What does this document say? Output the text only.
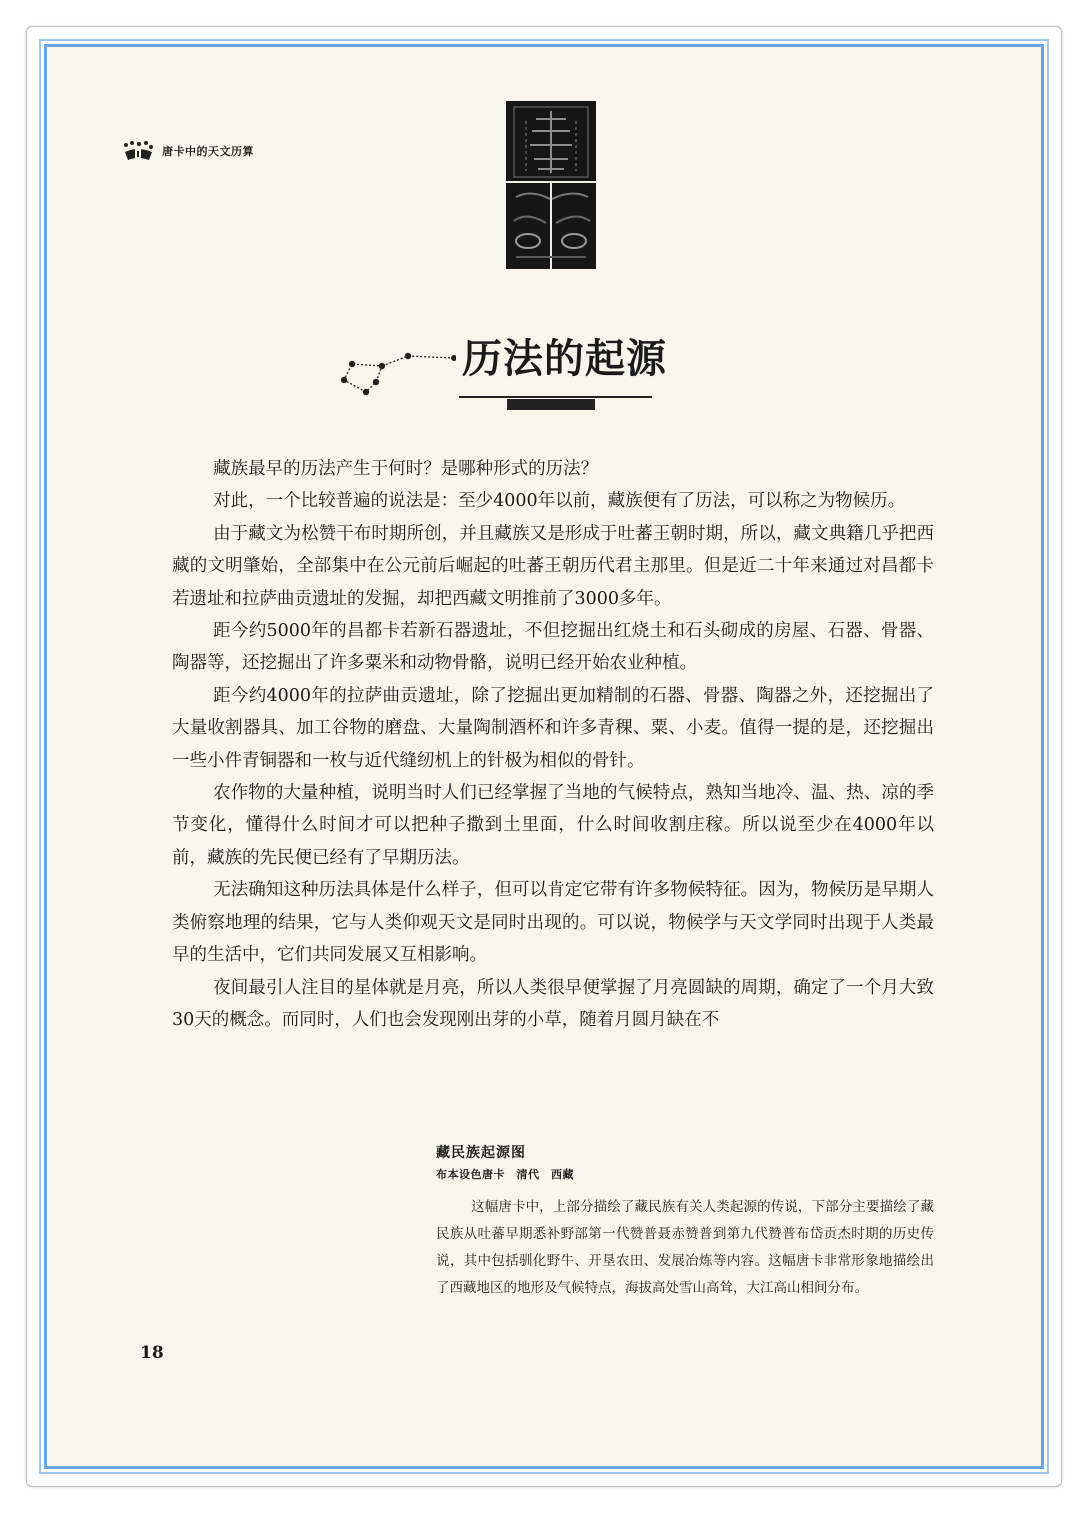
唐卡中的天文历算
历法的起源

藏族最早的历法产生于何时？是哪种形式的历法？

对此，一个比较普遍的说法是：至少4000年以前，藏族便有了历法，可以称之为物候历。

由于藏文为松赞干布时期所创，并且藏族又是形成于吐蕃王朝时期，所以，藏文典籍几乎把西藏的文明肇始，全部集中在公元前后崛起的吐蕃王朝历代君主那里。但是近二十年来通过对昌都卡若遗址和拉萨曲贡遗址的发掘，却把西藏文明推前了3000多年。

距今约5000年的昌都卡若新石器遗址，不但挖掘出红烧土和石头砌成的房屋、石器、骨器、陶器等，还挖掘出了许多粟米和动物骨骼，说明已经开始农业种植。

距今约4000年的拉萨曲贡遗址，除了挖掘出更加精制的石器、骨器、陶器之外，还挖掘出了大量收割器具、加工谷物的磨盘、大量陶制酒杯和许多青稞、粟、小麦。值得一提的是，还挖掘出一些小件青铜器和一枚与近代缝纫机上的针极为相似的骨针。

农作物的大量种植，说明当时人们已经掌握了当地的气候特点，熟知当地冷、温、热、凉的季节变化，懂得什么时间才可以把种子撒到土里面，什么时间收割庄稼。所以说至少在4000年以前，藏族的先民便已经有了早期历法。

无法确知这种历法具体是什么样子，但可以肯定它带有许多物候特征。因为，物候历是早期人类俯察地理的结果，它与人类仰观天文是同时出现的。可以说，物候学与天文学同时出现于人类最早的生活中，它们共同发展又互相影响。

夜间最引人注目的星体就是月亮，所以人类很早便掌握了月亮圆缺的周期，确定了一个月大致30天的概念。而同时，人们也会发现刚出芽的小草，随着月圆月缺在不

藏民族起源图
布本设色唐卡　清代　西藏

这幅唐卡中，上部分描绘了藏民族有关人类起源的传说，下部分主要描绘了藏民族从吐蕃早期悉补野部第一代赞普聂赤赞普到第九代赞普布岱贡杰时期的历史传说，其中包括驯化野牛、开垦农田、发展冶炼等内容。这幅唐卡非常形象地描绘出了西藏地区的地形及气候特点，海拔高处雪山高耸，大江高山相间分布。

18
